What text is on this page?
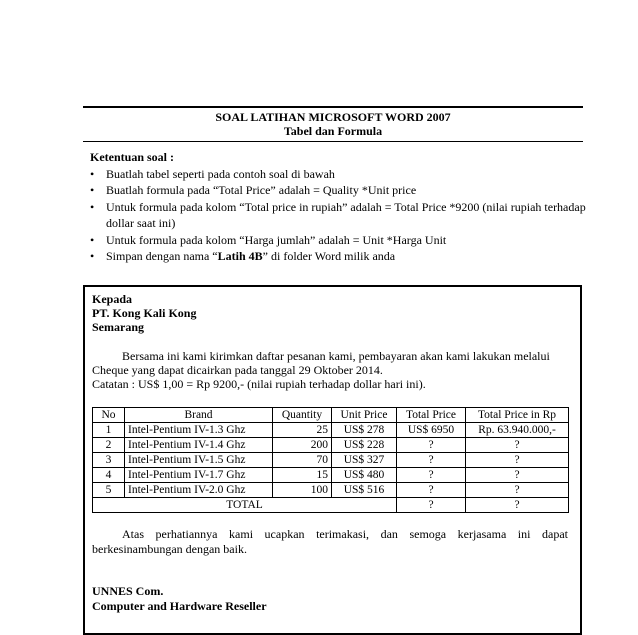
SOAL LATIHAN MICROSOFT WORD 2007
Tabel dan Formula
Ketentuan soal :
• Buatlah tabel seperti pada contoh soal di bawah
• Buatlah formula pada “Total Price” adalah = Quality *Unit price
• Untuk formula pada kolom “Total price in rupiah” adalah = Total Price *9200 (nilai rupiah terhadap dollar saat ini)
• Untuk formula pada kolom “Harga jumlah” adalah = Unit *Harga Unit
• Simpan dengan nama “Latih 4B” di folder Word milik anda
Kepada
PT. Kong Kali Kong
Semarang
Bersama ini kami kirimkan daftar pesanan kami, pembayaran akan kami lakukan melalui Cheque yang dapat dicairkan pada tanggal 29 Oktober 2014.
Catatan : US$ 1,00 = Rp 9200,- (nilai rupiah terhadap dollar hari ini).
No	Brand	Quantity	Unit Price	Total Price	Total Price in Rp
1	Intel-Pentium IV-1.3 Ghz	25	US$ 278	US$ 6950	Rp. 63.940.000,-
2	Intel-Pentium IV-1.4 Ghz	200	US$ 228	?	?
3	Intel-Pentium IV-1.5 Ghz	70	US$ 327	?	?
4	Intel-Pentium IV-1.7 Ghz	15	US$ 480	?	?
5	Intel-Pentium IV-2.0 Ghz	100	US$ 516	?	?
TOTAL				?	?
Atas perhatiannya kami ucapkan terimakasi, dan semoga kerjasama ini dapat berkesinambungan dengan baik.
UNNES Com.
Computer and Hardware Reseller
